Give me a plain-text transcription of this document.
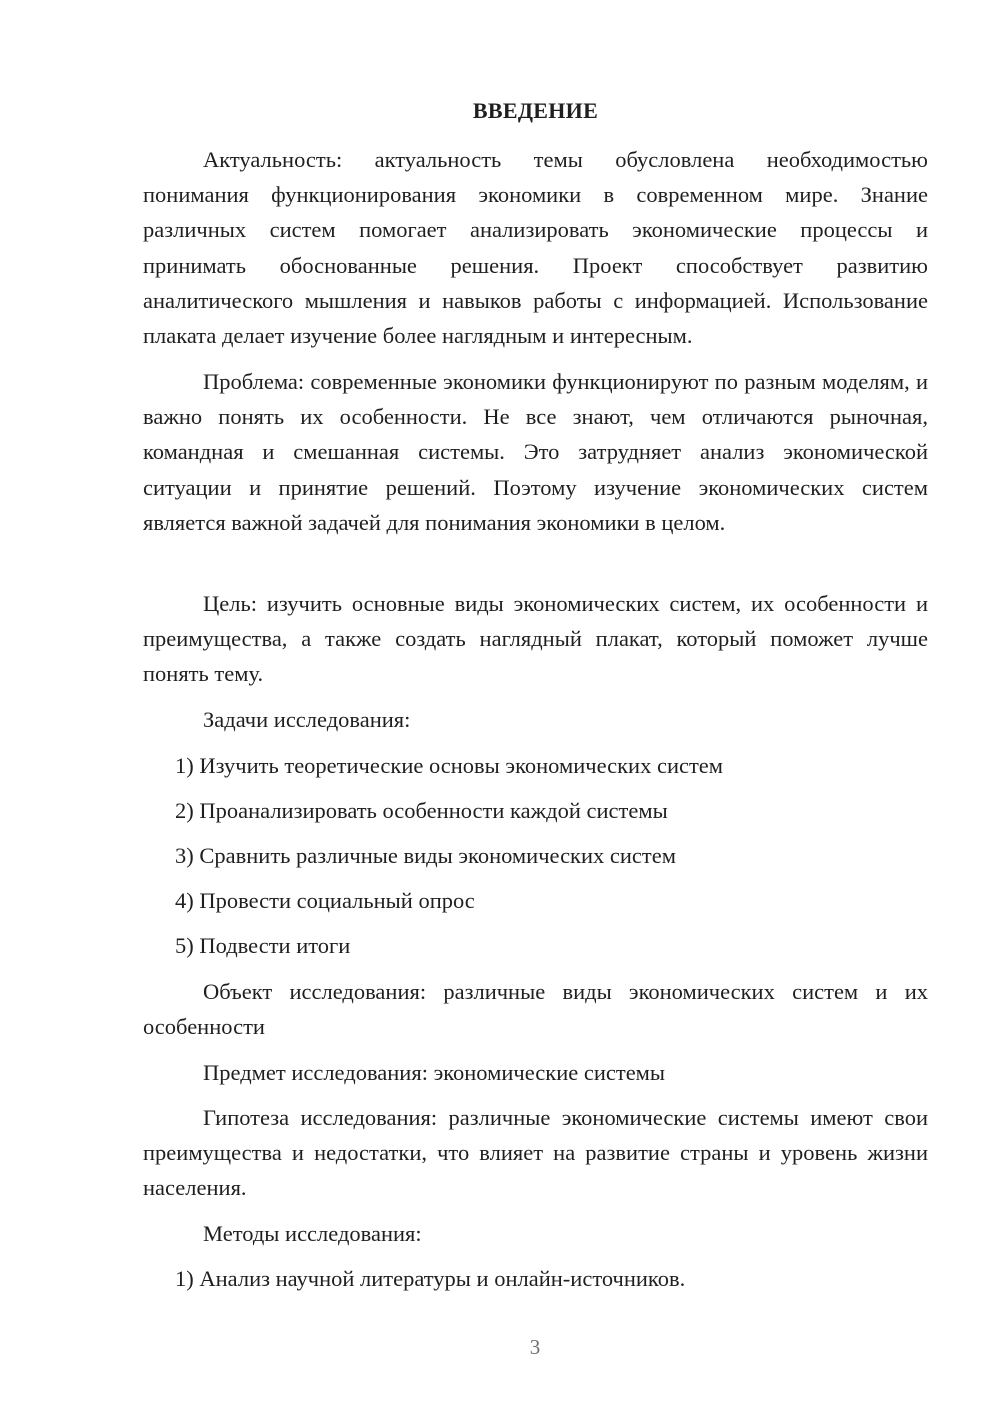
ВВЕДЕНИЕ

Актуальность: актуальность темы обусловлена необходимостью понимания функционирования экономики в современном мире. Знание различных систем помогает анализировать экономические процессы и принимать обоснованные решения. Проект способствует развитию аналитического мышления и навыков работы с информацией. Использование плаката делает изучение более наглядным и интересным.

Проблема: современные экономики функционируют по разным моделям, и важно понять их особенности. Не все знают, чем отличаются рыночная, командная и смешанная системы. Это затрудняет анализ экономической ситуации и принятие решений. Поэтому изучение экономических систем является важной задачей для понимания экономики в целом.

Цель: изучить основные виды экономических систем, их особенности и преимущества, а также создать наглядный плакат, который поможет лучше понять тему.

Задачи исследования:

1) Изучить теоретические основы экономических систем

2) Проанализировать особенности каждой системы

3) Сравнить различные виды экономических систем

4) Провести социальный опрос

5) Подвести итоги

Объект исследования: различные виды экономических систем и их особенности

Предмет исследования: экономические системы

Гипотеза исследования: различные экономические системы имеют свои преимущества и недостатки, что влияет на развитие страны и уровень жизни населения.

Методы исследования:

1) Анализ научной литературы и онлайн-источников.

3
